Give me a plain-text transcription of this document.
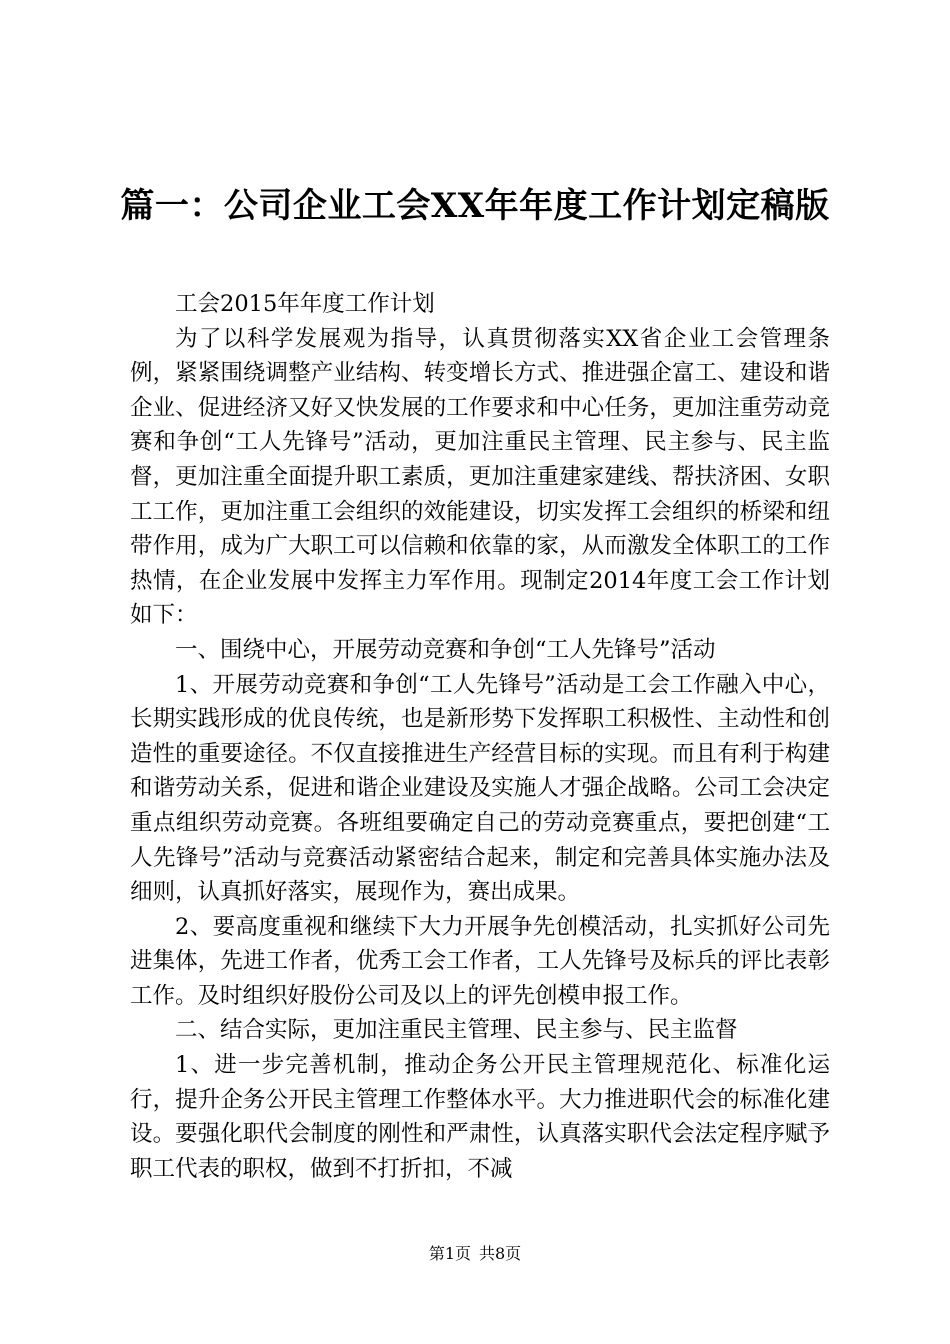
篇一：公司企业工会XX年年度工作计划定稿版

工会2015年年度工作计划

为了以科学发展观为指导，认真贯彻落实XX省企业工会管理条例，紧紧围绕调整产业结构、转变增长方式、推进强企富工、建设和谐企业、促进经济又好又快发展的工作要求和中心任务，更加注重劳动竞赛和争创“工人先锋号”活动，更加注重民主管理、民主参与、民主监督，更加注重全面提升职工素质，更加注重建家建线、帮扶济困、女职工工作，更加注重工会组织的效能建设，切实发挥工会组织的桥梁和纽带作用，成为广大职工可以信赖和依靠的家，从而激发全体职工的工作热情，在企业发展中发挥主力军作用。现制定2014年度工会工作计划如下：

一、围绕中心，开展劳动竞赛和争创“工人先锋号”活动

1、开展劳动竞赛和争创“工人先锋号”活动是工会工作融入中心，长期实践形成的优良传统，也是新形势下发挥职工积极性、主动性和创造性的重要途径。不仅直接推进生产经营目标的实现。而且有利于构建和谐劳动关系，促进和谐企业建设及实施人才强企战略。公司工会决定重点组织劳动竞赛。各班组要确定自己的劳动竞赛重点，要把创建“工人先锋号”活动与竞赛活动紧密结合起来，制定和完善具体实施办法及细则，认真抓好落实，展现作为，赛出成果。

2、要高度重视和继续下大力开展争先创模活动，扎实抓好公司先进集体，先进工作者，优秀工会工作者，工人先锋号及标兵的评比表彰工作。及时组织好股份公司及以上的评先创模申报工作。

二、结合实际，更加注重民主管理、民主参与、民主监督

1、进一步完善机制，推动企务公开民主管理规范化、标准化运行，提升企务公开民主管理工作整体水平。大力推进职代会的标准化建设。要强化职代会制度的刚性和严肃性，认真落实职代会法定程序赋予职工代表的职权，做到不打折扣，不减

第1页 共8页
